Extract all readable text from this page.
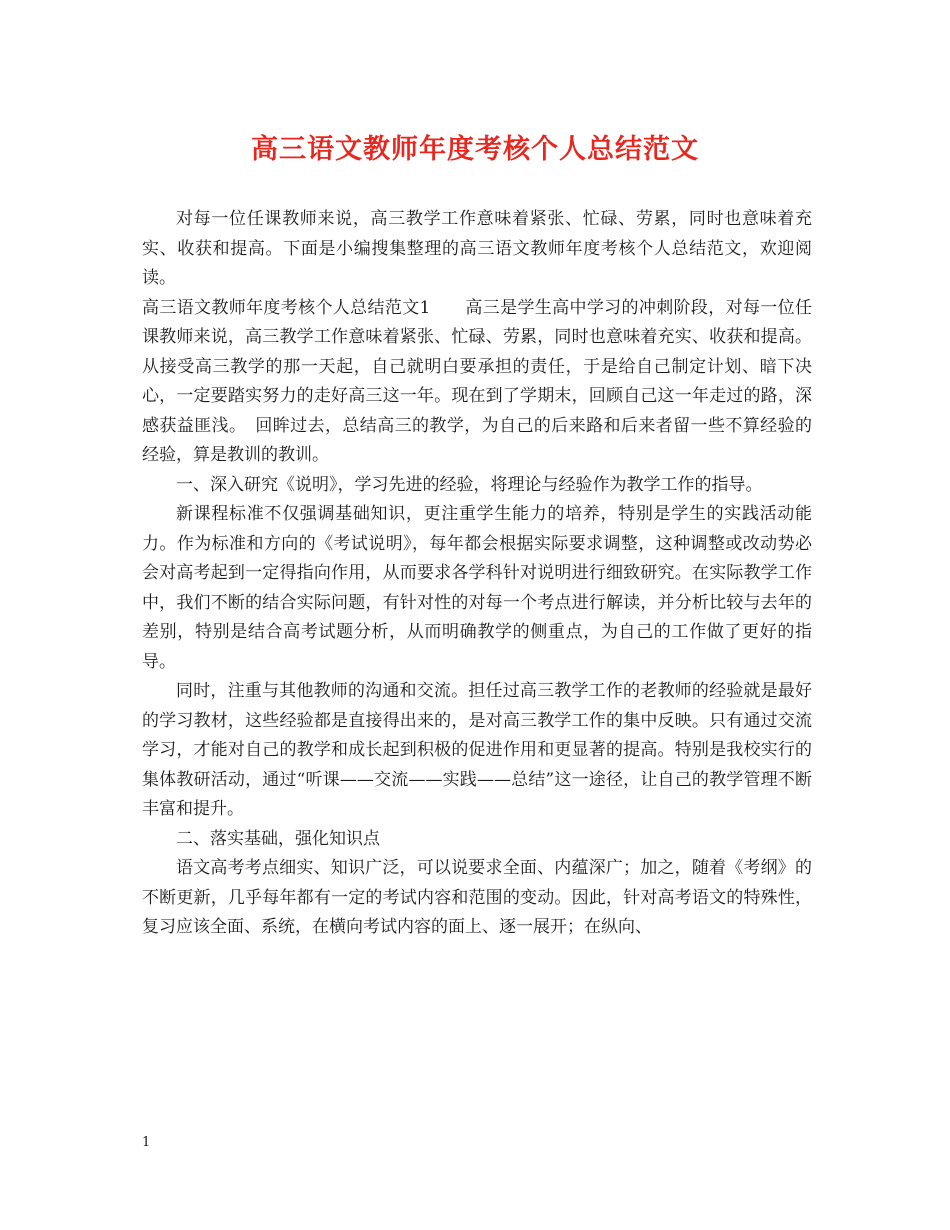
高三语文教师年度考核个人总结范文

对每一位任课教师来说，高三教学工作意味着紧张、忙碌、劳累，同时也意味着充实、收获和提高。下面是小编搜集整理的高三语文教师年度考核个人总结范文，欢迎阅读。

高三语文教师年度考核个人总结范文1　　高三是学生高中学习的冲刺阶段，对每一位任课教师来说，高三教学工作意味着紧张、忙碌、劳累，同时也意味着充实、收获和提高。从接受高三教学的那一天起，自己就明白要承担的责任，于是给自己制定计划、暗下决心，一定要踏实努力的走好高三这一年。现在到了学期末，回顾自己这一年走过的路，深感获益匪浅。　回眸过去，总结高三的教学，为自己的后来路和后来者留一些不算经验的经验，算是教训的教训。

一、深入研究《说明》，学习先进的经验，将理论与经验作为教学工作的指导。

新课程标准不仅强调基础知识，更注重学生能力的培养，特别是学生的实践活动能力。作为标准和方向的《考试说明》，每年都会根据实际要求调整，这种调整或改动势必会对高考起到一定得指向作用，从而要求各学科针对说明进行细致研究。在实际教学工作中，我们不断的结合实际问题，有针对性的对每一个考点进行解读，并分析比较与去年的差别，特别是结合高考试题分析，从而明确教学的侧重点，为自己的工作做了更好的指导。

同时，注重与其他教师的沟通和交流。担任过高三教学工作的老教师的经验就是最好的学习教材，这些经验都是直接得出来的，是对高三教学工作的集中反映。只有通过交流学习，才能对自己的教学和成长起到积极的促进作用和更显著的提高。特别是我校实行的集体教研活动，通过“听课——交流——实践——总结”这一途径，让自己的教学管理不断丰富和提升。

二、落实基础，强化知识点

语文高考考点细实、知识广泛，可以说要求全面、内蕴深广；加之，随着《考纲》的不断更新，几乎每年都有一定的考试内容和范围的变动。因此，针对高考语文的特殊性，复习应该全面、系统，在横向考试内容的面上、逐一展开；在纵向、

1
